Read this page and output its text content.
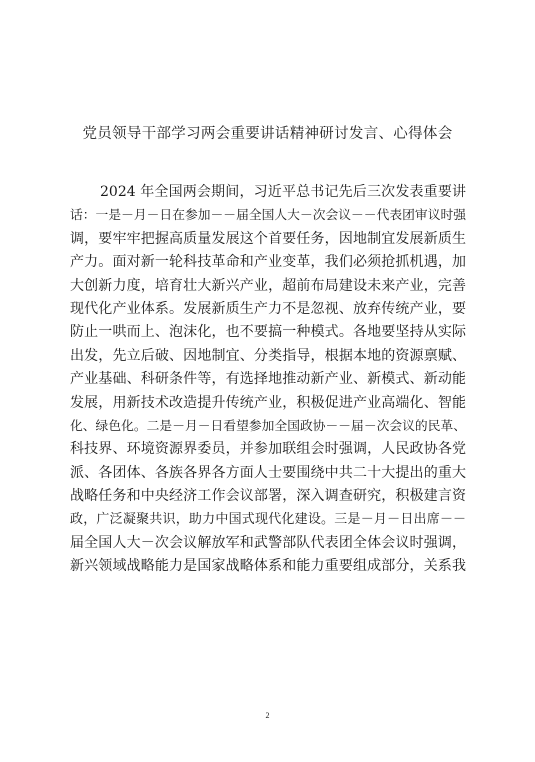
党员领导干部学习两会重要讲话精神研讨发言、心得体会
2024 年全国两会期间，习近平总书记先后三次发表重要讲
话：一是－月－日在参加－－届全国人大－次会议－－代表团审议时强
调，要牢牢把握高质量发展这个首要任务，因地制宜发展新质生
产力。面对新一轮科技革命和产业变革，我们必须抢抓机遇，加
大创新力度，培育壮大新兴产业，超前布局建设未来产业，完善
现代化产业体系。发展新质生产力不是忽视、放弃传统产业，要
防止一哄而上、泡沫化，也不要搞一种模式。各地要坚持从实际
出发，先立后破、因地制宜、分类指导，根据本地的资源禀赋、
产业基础、科研条件等，有选择地推动新产业、新模式、新动能
发展，用新技术改造提升传统产业，积极促进产业高端化、智能
化、绿色化。二是－月－日看望参加全国政协－－届－次会议的民革、
科技界、环境资源界委员，并参加联组会时强调，人民政协各党
派、各团体、各族各界各方面人士要围绕中共二十大提出的重大
战略任务和中央经济工作会议部署，深入调查研究，积极建言资
政，广泛凝聚共识，助力中国式现代化建设。三是－月－日出席－－
届全国人大－次会议解放军和武警部队代表团全体会议时强调，
新兴领域战略能力是国家战略体系和能力重要组成部分，关系我
2
